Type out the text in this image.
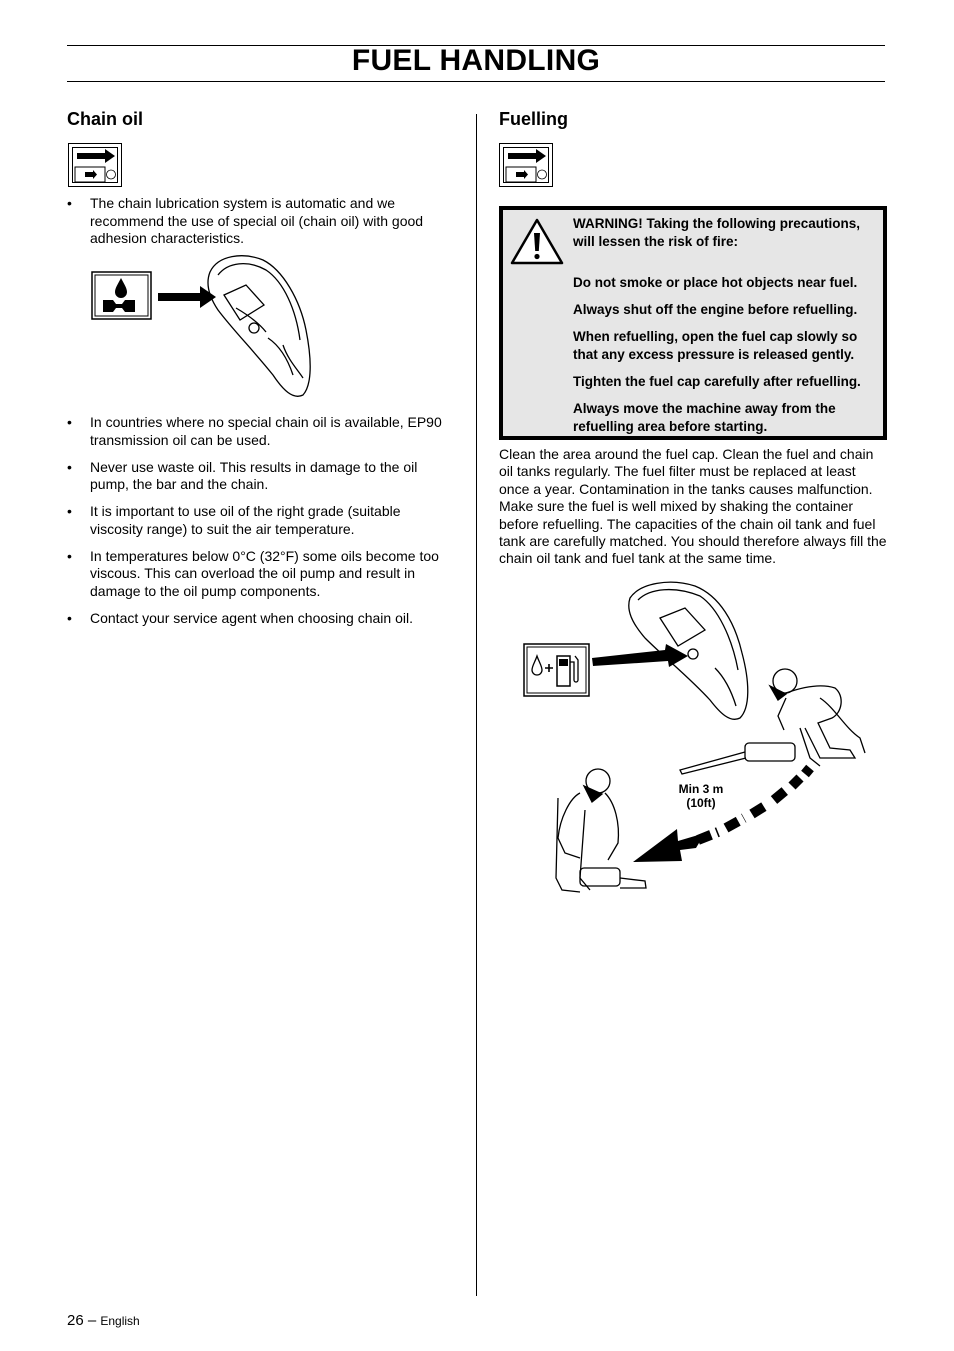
FUEL HANDLING
Chain oil
• The chain lubrication system is automatic and we recommend the use of special oil (chain oil) with good adhesion characteristics.
• In countries where no special chain oil is available, EP90 transmission oil can be used.
• Never use waste oil. This results in damage to the oil pump, the bar and the chain.
• It is important to use oil of the right grade (suitable viscosity range) to suit the air temperature.
• In temperatures below 0°C (32°F) some oils become too viscous. This can overload the oil pump and result in damage to the oil pump components.
• Contact your service agent when choosing chain oil.
Fuelling

WARNING! Taking the following precautions, will lessen the risk of fire:

Do not smoke or place hot objects near fuel.

Always shut off the engine before refuelling.

When refuelling, open the fuel cap slowly so that any excess pressure is released gently.

Tighten the fuel cap carefully after refuelling.

Always move the machine away from the refuelling area before starting.

Clean the area around the fuel cap. Clean the fuel and chain oil tanks regularly. The fuel filter must be replaced at least once a year. Contamination in the tanks causes malfunction. Make sure the fuel is well mixed by shaking the container before refuelling. The capacities of the chain oil tank and fuel tank are carefully matched. You should therefore always fill the chain oil tank and fuel tank at the same time.

Min 3 m
(10ft)
26 – English
